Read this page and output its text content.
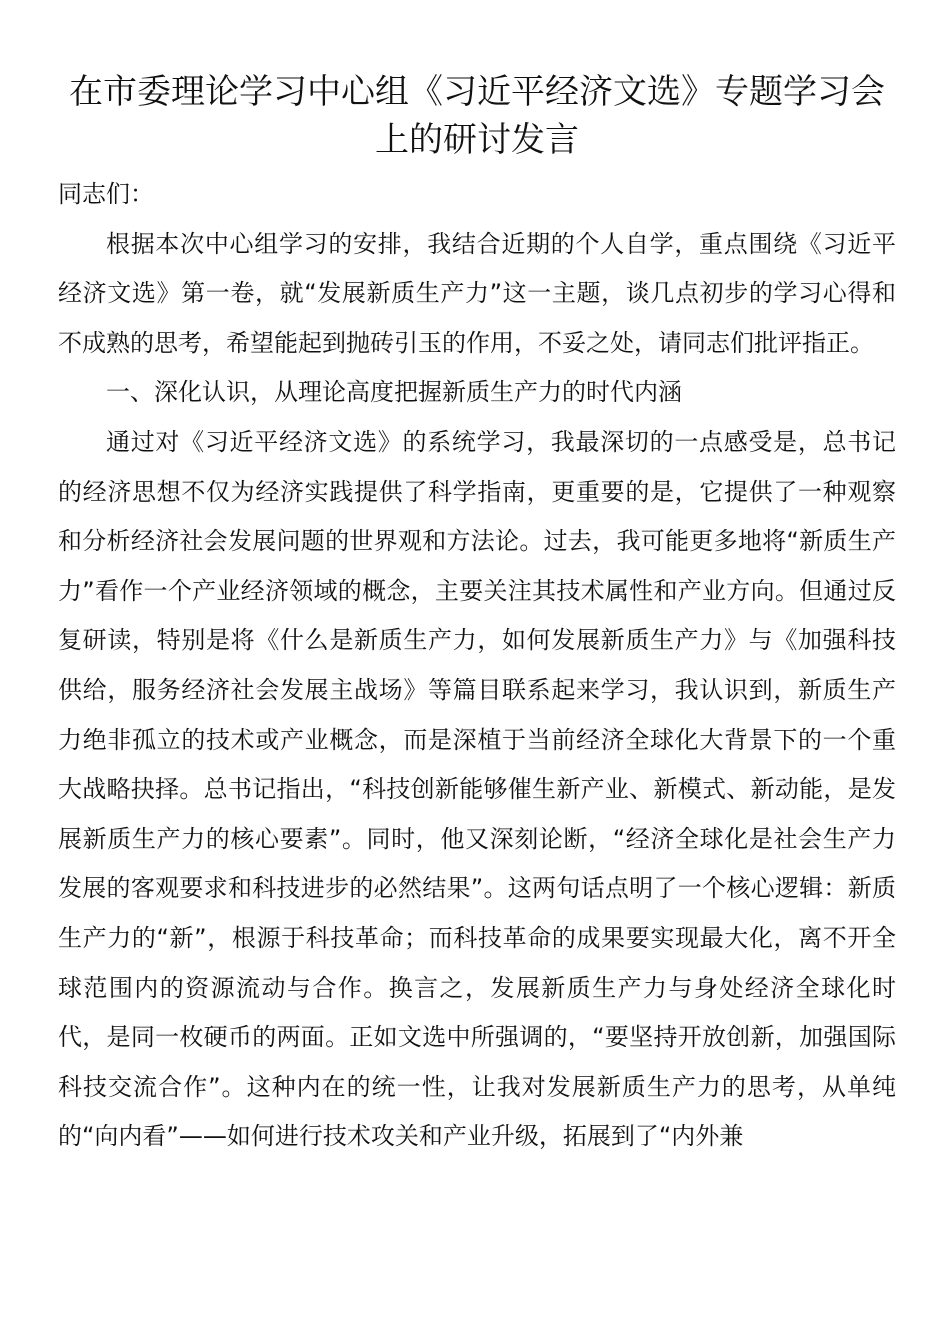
在市委理论学习中心组《习近平经济文选》专题学习会上的研讨发言

同志们：

根据本次中心组学习的安排，我结合近期的个人自学，重点围绕《习近平经济文选》第一卷，就“发展新质生产力”这一主题，谈几点初步的学习心得和不成熟的思考，希望能起到抛砖引玉的作用，不妥之处，请同志们批评指正。

一、深化认识，从理论高度把握新质生产力的时代内涵

通过对《习近平经济文选》的系统学习，我最深切的一点感受是，总书记的经济思想不仅为经济实践提供了科学指南，更重要的是，它提供了一种观察和分析经济社会发展问题的世界观和方法论。过去，我可能更多地将“新质生产力”看作一个产业经济领域的概念，主要关注其技术属性和产业方向。但通过反复研读，特别是将《什么是新质生产力，如何发展新质生产力》与《加强科技供给，服务经济社会发展主战场》等篇目联系起来学习，我认识到，新质生产力绝非孤立的技术或产业概念，而是深植于当前经济全球化大背景下的一个重大战略抉择。总书记指出，“科技创新能够催生新产业、新模式、新动能，是发展新质生产力的核心要素”。同时，他又深刻论断，“经济全球化是社会生产力发展的客观要求和科技进步的必然结果”。这两句话点明了一个核心逻辑：新质生产力的“新”，根源于科技革命；而科技革命的成果要实现最大化，离不开全球范围内的资源流动与合作。换言之，发展新质生产力与身处经济全球化时代，是同一枚硬币的两面。正如文选中所强调的，“要坚持开放创新，加强国际科技交流合作”。这种内在的统一性，让我对发展新质生产力的思考，从单纯的“向内看”——如何进行技术攻关和产业升级，拓展到了“内外兼
